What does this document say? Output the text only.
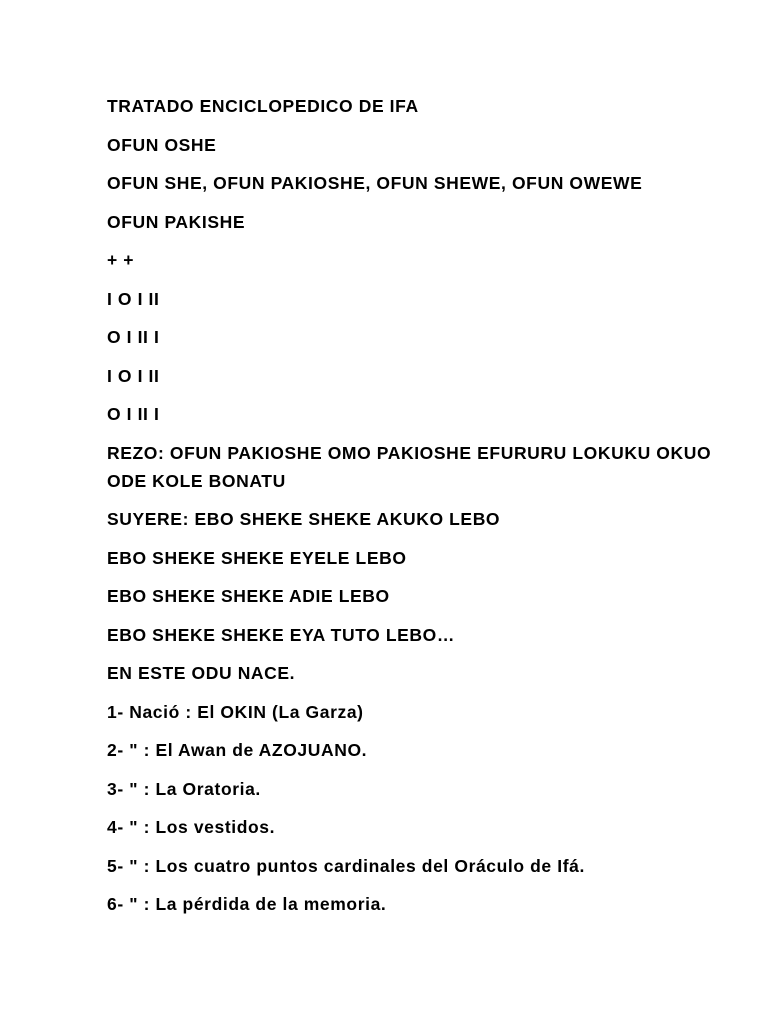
TRATADO ENCICLOPEDICO DE IFA

OFUN OSHE

OFUN SHE, OFUN PAKIOSHE, OFUN SHEWE, OFUN OWEWE

OFUN PAKISHE

+ +

I O I II

O I II I

I O I II

O I II I

REZO: OFUN PAKIOSHE OMO PAKIOSHE EFURURU LOKUKU OKUO ODE KOLE BONATU

SUYERE: EBO SHEKE SHEKE AKUKO LEBO

EBO SHEKE SHEKE EYELE LEBO

EBO SHEKE SHEKE ADIE LEBO

EBO SHEKE SHEKE EYA TUTO LEBO…

EN ESTE ODU NACE.

1- Nació : El OKIN (La Garza)

2- " : El Awan de AZOJUANO.

3- " : La Oratoria.

4- " : Los vestidos.

5- " : Los cuatro puntos cardinales del Oráculo de Ifá.

6- " : La pérdida de la memoria.
